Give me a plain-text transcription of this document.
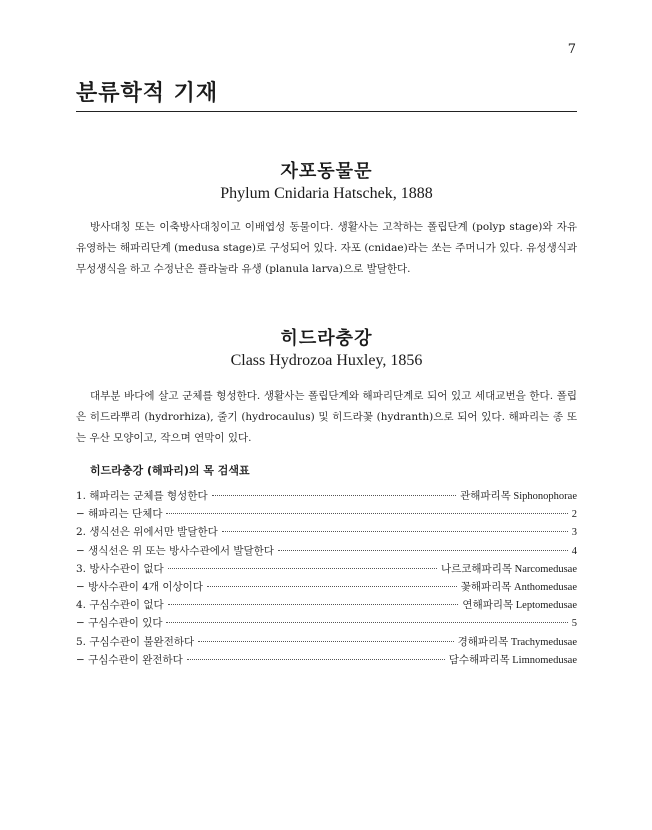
7
분류학적 기재
자포동물문
Phylum Cnidaria Hatschek, 1888
방사대칭 또는 이축방사대칭이고 이배엽성 동물이다. 생활사는 고착하는 폴립단계 (polyp stage)와 자유유영하는 해파리단계 (medusa stage)로 구성되어 있다. 자포 (cnidae)라는 쏘는 주머니가 있다. 유성생식과 무성생식을 하고 수정난은 플라눌라 유생 (planula larva)으로 발달한다.
히드라충강
Class Hydrozoa Huxley, 1856
대부분 바다에 살고 군체를 형성한다. 생활사는 폴립단계와 해파리단계로 되어 있고 세대교번을 한다. 폴립은 히드라뿌리 (hydrorhiza), 줄기 (hydrocaulus) 및 히드라꽃 (hydranth)으로 되어 있다. 해파리는 종 또는 우산 모양이고, 작으며 연막이 있다.
히드라충강 (해파리)의 목 검색표
1. 해파리는 군체를 형성한다	관해파리목 Siphonophorae
− 해파리는 단체다	2
2. 생식선은 위에서만 발달한다	3
− 생식선은 위 또는 방사수관에서 발달한다	4
3. 방사수관이 없다	나르코해파리목 Narcomedusae
− 방사수관이 4개 이상이다	꽃해파리목 Anthomedusae
4. 구심수관이 없다	연해파리목 Leptomedusae
− 구심수관이 있다	5
5. 구심수관이 불완전하다	경해파리목 Trachymedusae
− 구심수관이 완전하다	담수해파리목 Limnomedusae
